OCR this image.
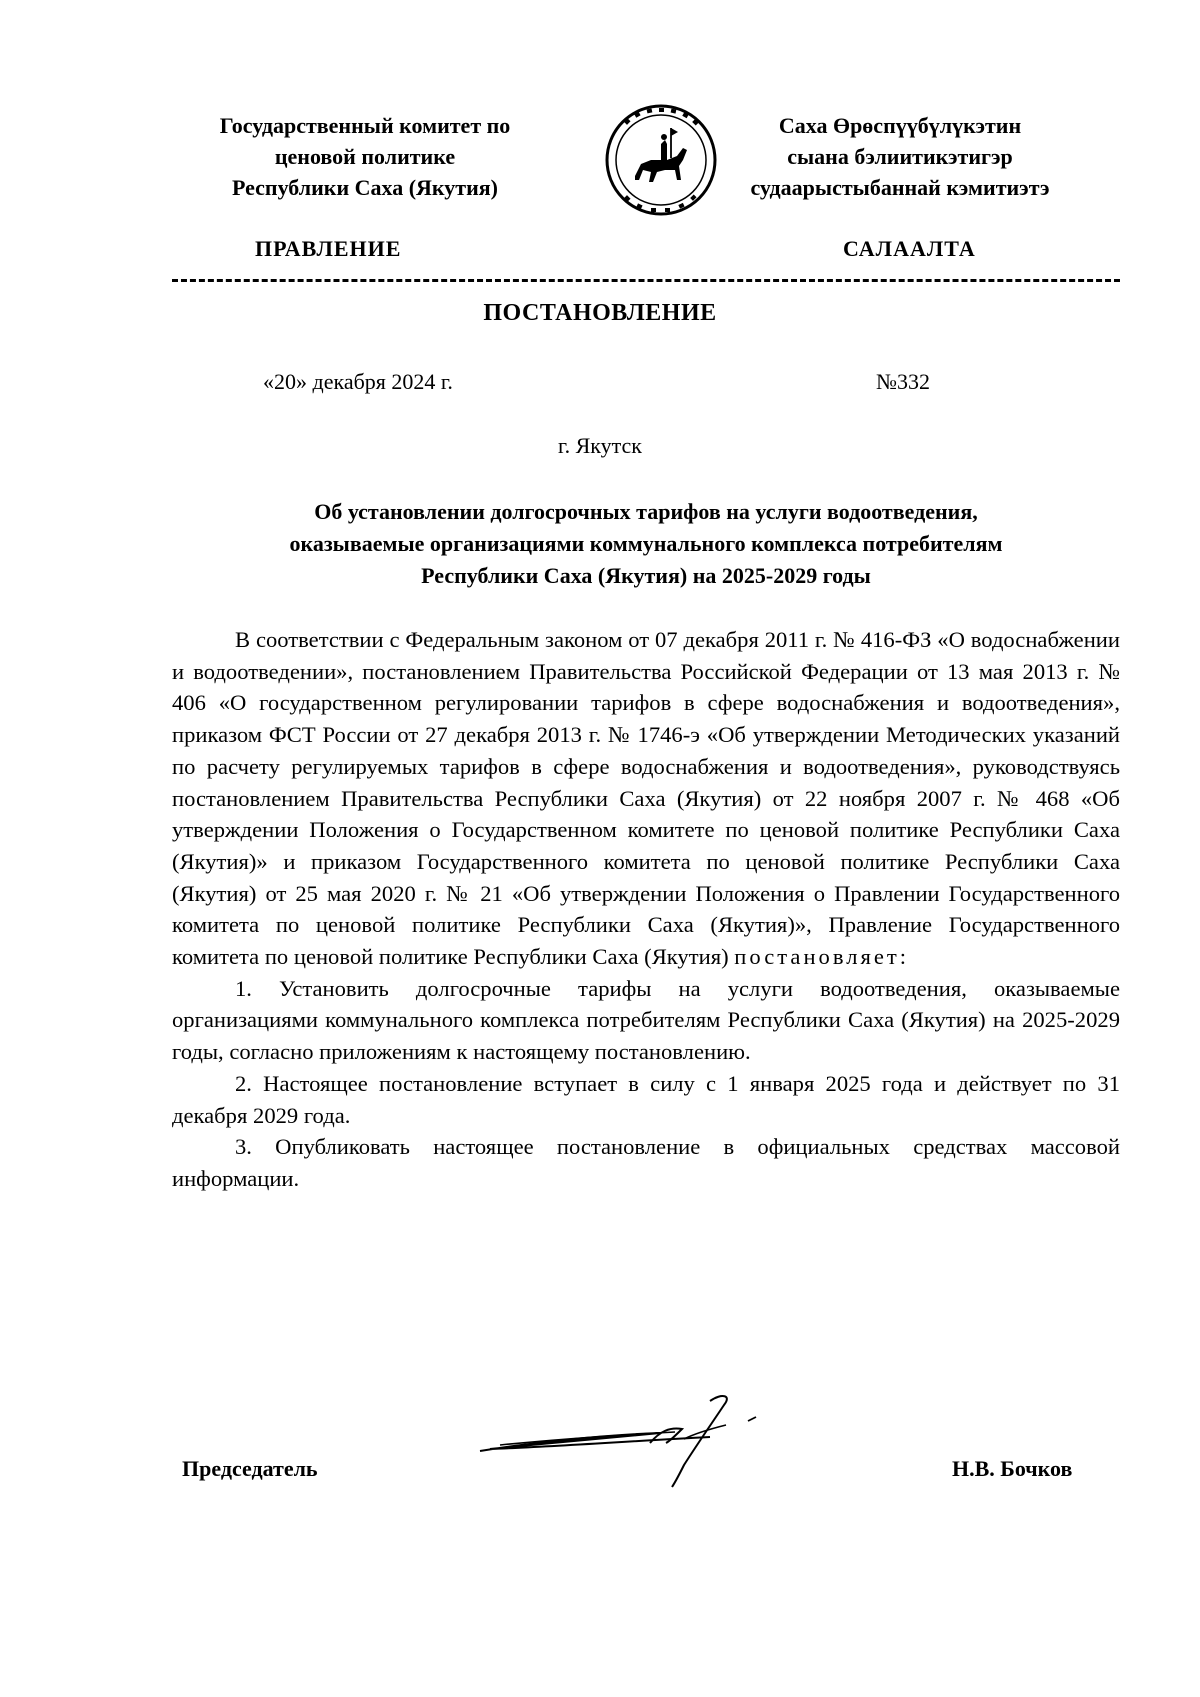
Государственный комитет по
ценовой политике
Республики Саха (Якутия)
Саха Өрөспүүбүлүкэтин
сыана бэлиитикэтигэр
судаарыстыбаннай кэмитиэтэ
ПРАВЛЕНИЕ	САЛААЛТА
ПОСТАНОВЛЕНИЕ
«20» декабря 2024 г.	№332
г. Якутск
Об установлении долгосрочных тарифов на услуги водоотведения,
оказываемые организациями коммунального комплекса потребителям
Республики Саха (Якутия) на 2025-2029 годы

В соответствии с Федеральным законом от 07 декабря 2011 г. № 416-ФЗ «О водоснабжении и водоотведении», постановлением Правительства Российской Федерации от 13 мая 2013 г. № 406 «О государственном регулировании тарифов в сфере водоснабжения и водоотведения», приказом ФСТ России от 27 декабря 2013 г. № 1746-э «Об утверждении Методических указаний по расчету регулируемых тарифов в сфере водоснабжения и водоотведения», руководствуясь постановлением Правительства Республики Саха (Якутия) от 22 ноября 2007 г. № 468 «Об утверждении Положения о Государственном комитете по ценовой политике Республики Саха (Якутия)» и приказом Государственного комитета по ценовой политике Республики Саха (Якутия) от 25 мая 2020 г. № 21 «Об утверждении Положения о Правлении Государственного комитета по ценовой политике Республики Саха (Якутия)», Правление Государственного комитета по ценовой политике Республики Саха (Якутия) постановляет:

1. Установить долгосрочные тарифы на услуги водоотведения, оказываемые организациями коммунального комплекса потребителям Республики Саха (Якутия) на 2025-2029 годы, согласно приложениям к настоящему постановлению.

2. Настоящее постановление вступает в силу с 1 января 2025 года и действует по 31 декабря 2029 года.

3. Опубликовать настоящее постановление в официальных средствах массовой информации.

Председатель	Н.В. Бочков
